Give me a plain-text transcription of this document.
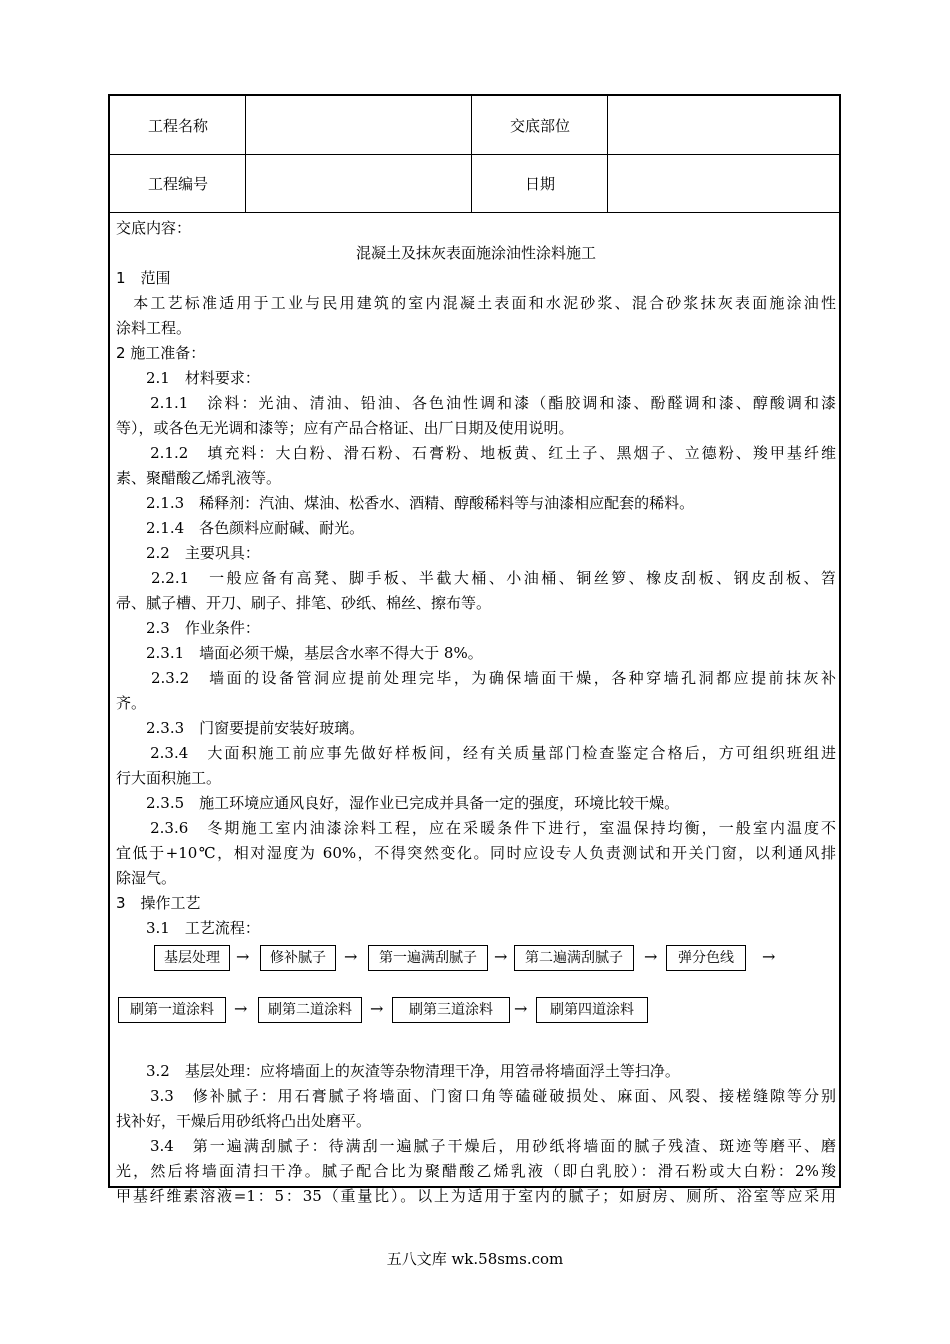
工程名称	交底部位
工程编号	日期
交底内容：
混凝土及抹灰表面施涂油性涂料施工
1　范围
　本工艺标准适用于工业与民用建筑的室内混凝土表面和水泥砂浆、混合砂浆抹灰表面施涂油性
涂料工程。
2 施工准备：
　　2.1　材料要求：
　　2.1.1　涂料：光油、清油、铅油、各色油性调和漆（酯胶调和漆、酚醛调和漆、醇酸调和漆
等），或各色无光调和漆等；应有产品合格证、出厂日期及使用说明。
　　2.1.2　填充料：大白粉、滑石粉、石膏粉、地板黄、红土子、黑烟子、立德粉、羧甲基纤维
素、聚醋酸乙烯乳液等。
　　2.1.3　稀释剂：汽油、煤油、松香水、酒精、醇酸稀料等与油漆相应配套的稀料。
　　2.1.4　各色颜料应耐碱、耐光。
　　2.2　主要巩具：
　　2.2.1　一般应备有高凳、脚手板、半截大桶、小油桶、铜丝箩、橡皮刮板、钢皮刮板、笤
帚、腻子槽、开刀、刷子、排笔、砂纸、棉丝、擦布等。
　　2.3　作业条件：
　　2.3.1　墙面必须干燥，基层含水率不得大于 8%。
　　2.3.2　墙面的设备管洞应提前处理完毕，为确保墙面干燥，各种穿墙孔洞都应提前抹灰补
齐。
　　2.3.3　门窗要提前安装好玻璃。
　　2.3.4　大面积施工前应事先做好样板间，经有关质量部门检查鉴定合格后，方可组织班组进
行大面积施工。
　　2.3.5　施工环境应通风良好，湿作业已完成并具备一定的强度，环境比较干燥。
　　2.3.6　冬期施工室内油漆涂料工程，应在采暖条件下进行，室温保持均衡，一般室内温度不
宜低于+10℃，相对湿度为 60%，不得突然变化。同时应设专人负责测试和开关门窗，以利通风排
除湿气。
3　操作工艺
　　3.1　工艺流程：
基层处理	→	修补腻子	→	第一遍满刮腻子	→	第二遍满刮腻子	→	弹分色线	→
刷第一道涂料	→	刷第二道涂料	→	刷第三道涂料	→	刷第四道涂料
　　3.2　基层处理：应将墙面上的灰渣等杂物清理干净，用笤帚将墙面浮土等扫净。
　　3.3　修补腻子：用石膏腻子将墙面、门窗口角等磕碰破损处、麻面、风裂、接槎缝隙等分别
找补好，干燥后用砂纸将凸出处磨平。
　　3.4　第一遍满刮腻子：待满刮一遍腻子干燥后，用砂纸将墙面的腻子残渣、斑迹等磨平、磨
光，然后将墙面清扫干净。腻子配合比为聚醋酸乙烯乳液（即白乳胶）：滑石粉或大白粉：2%羧
甲基纤维素溶液=1：5：35（重量比）。以上为适用于室内的腻子；如厨房、厕所、浴室等应采用
五八文库 wk.58sms.com
